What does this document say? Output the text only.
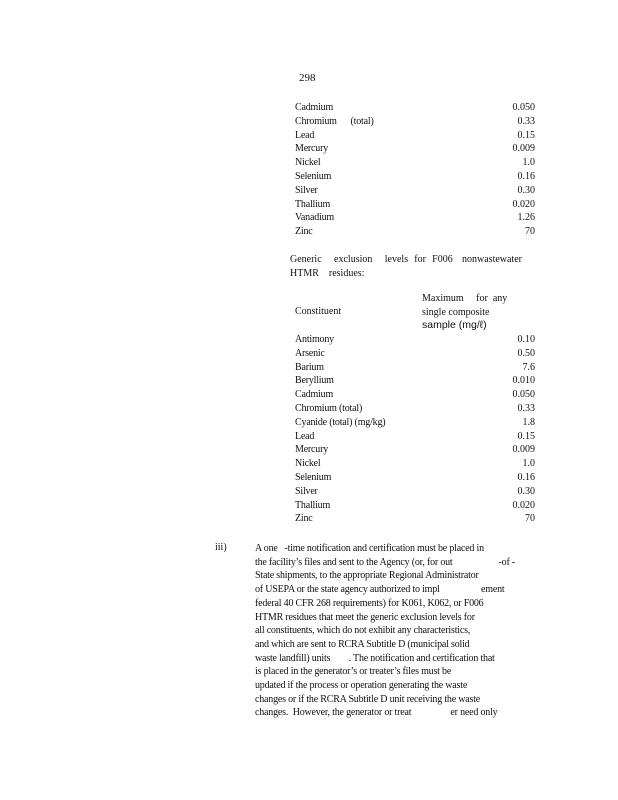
298
Cadmium	0.050
Chromium      (total)	0.33
Lead	0.15
Mercury	0.009
Nickel	1.0
Selenium	0.16
Silver	0.30
Thallium	0.020
Vanadium	1.26
Zinc	70
Generic    exclusion    levels  for  F006   nonwastewater HTMR    residues:
Constituent
Maximum     for  any
single composite
sample (mg/ℓ)
Antimony	0.10
Arsenic	0.50
Barium	7.6
Beryllium	0.010
Cadmium	0.050
Chromium (total)	0.33
Cyanide (total) (mg/kg)	1.8
Lead	0.15
Mercury	0.009
Nickel	1.0
Selenium	0.16
Silver	0.30
Thallium	0.020
Zinc	70
iii)	A one   -time notification and certification must be placed in
the facility’s files and sent to the Agency (or, for out                    -of -
State shipments, to the appropriate Regional Administrator
of USEPA or the state agency authorized to impl                  ement
federal 40 CFR 268 requirements) for K061, K062, or F006
HTMR residues that meet the generic exclusion levels for
all constituents, which do not exhibit any characteristics,
and which are sent to RCRA Subtitle D (municipal solid
waste landfill) units        . The notification and certification that
is placed in the generator’s or treater’s files must be
updated if the process or operation generating the waste
changes or if the RCRA Subtitle D unit receiving the waste
changes.  However, the generator or treat                 er need only
